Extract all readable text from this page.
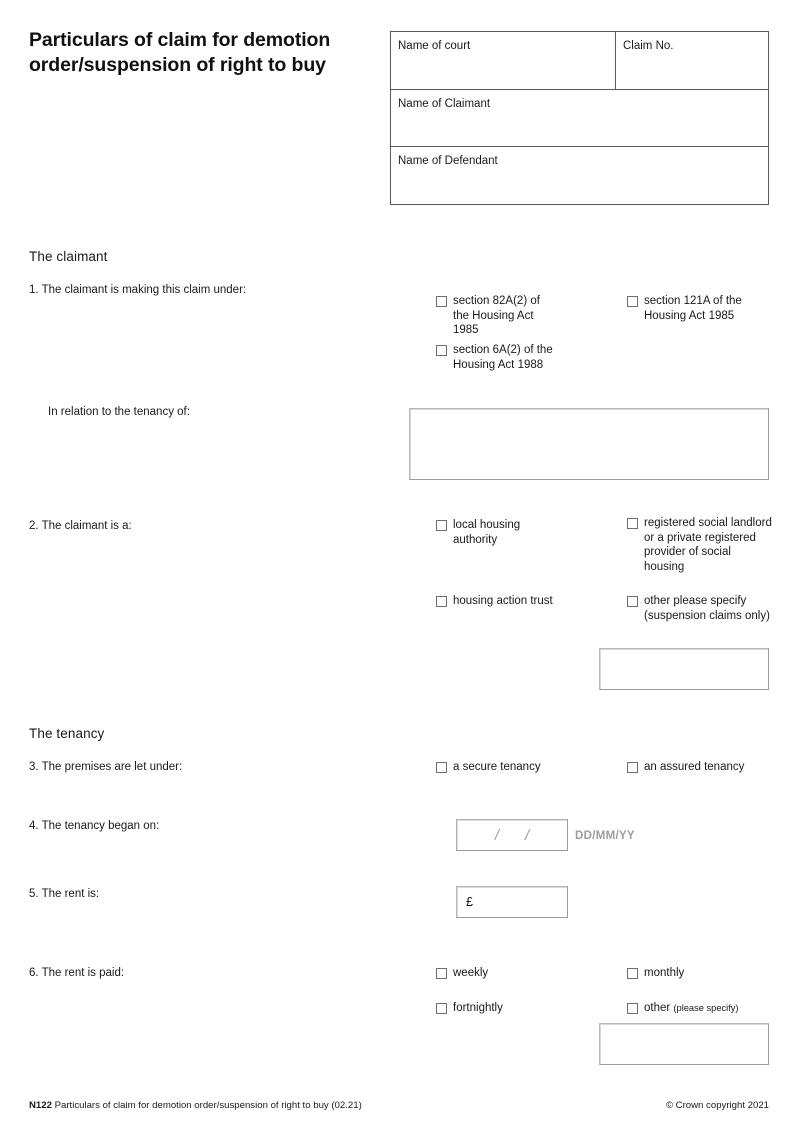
Particulars of claim for demotion order/suspension of right to buy
Name of court	Claim No.
Name of Claimant
Name of Defendant
The claimant
1. The claimant is making this claim under:
section 82A(2) of the Housing Act 1985
section 6A(2) of the Housing Act 1988
section 121A of the Housing Act 1985
In relation to the tenancy of:
2. The claimant is a:	local housing authority
housing action trust
registered social landlord or a private registered provider of social housing
other please specify (suspension claims only)
The tenancy
3. The premises are let under:	a secure tenancy	an assured tenancy
4. The tenancy began on:
/ /	DD/MM/YY
5. The rent is:
£
6. The rent is paid:	weekly
fortnightly
monthly
other (please specify)
N122 Particulars of claim for demotion order/suspension of right to buy (02.21)	© Crown copyright 2021
